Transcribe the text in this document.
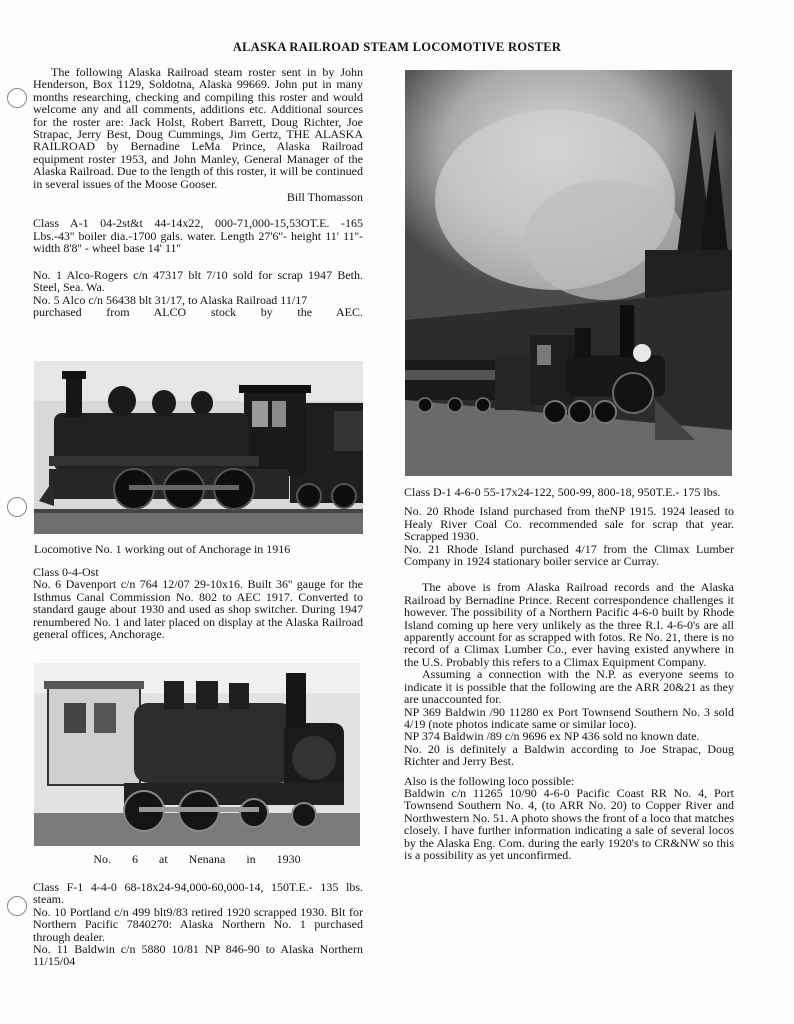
ALASKA RAILROAD STEAM LOCOMOTIVE ROSTER

The following Alaska Railroad steam roster sent in by John Henderson, Box 1129, Soldotna, Alaska 99669. John put in many months researching, checking and compiling this roster and would welcome any and all comments, additions etc. Additional sources for the roster are: Jack Holst, Robert Barrett, Doug Richter, Joe Strapac, Jerry Best, Doug Cummings, Jim Gertz, THE ALASKA RAILROAD by Bernadine LeMa Prince, Alaska Railroad equipment roster 1953, and John Manley, General Manager of the Alaska Railroad. Due to the length of this roster, it will be continued in several issues of the Moose Gooser.

Bill Thomasson

Class A-1 04-2st&t 44-14x22, 000-71,000-15,53OT.E. -165 Lbs.-43'' boiler dia.-1700 gals. water. Length 27'6''- height 11' 11''- width 8'8'' - wheel base 14' 11''

No. 1 Alco-Rogers c/n 47317 blt 7/10 sold for scrap 1947 Beth. Steel, Sea. Wa.

No. 5 Alco c/n 56438 blt 31/17, to Alaska Railroad 11/17

purchased from ALCO stock by the AEC.

Locomotive No. 1 working out of Anchorage in 1916

Class 0-4-Ost

No. 6 Davenport c/n 764 12/07 29-10x16. Built 36'' gauge for the Isthmus Canal Commission No. 802 to AEC 1917. Converted to standard gauge about 1930 and used as shop switcher. During 1947 renumbered No. 1 and later placed on display at the Alaska Railroad general offices, Anchorage.

No. 6 at Nenana in 1930

Class F-1 4-4-0 68-18x24-94,000-60,000-14, 150T.E.- 135 lbs. steam.

No. 10 Portland c/n 499 blt9/83 retired 1920 scrapped 1930. Blt for Northern Pacific 7840270: Alaska Northern No. 1 purchased through dealer.

No. 11 Baldwin c/n 5880 10/81 NP 846-90 to Alaska Northern 11/15/04

Class D-1 4-6-0 55-17x24-122, 500-99, 800-18, 950T.E.- 175 lbs.

No. 20 Rhode Island purchased from theNP 1915. 1924 leased to Healy River Coal Co. recommended sale for scrap that year. Scrapped 1930.

No. 21 Rhode Island purchased 4/17 from the Climax Lumber Company in 1924 stationary boiler service ar Curray.

The above is from Alaska Railroad records and the Alaska Railroad by Bernadine Prince. Recent correspondence challenges it however. The possibility of a Northern Pacific 4-6-0 built by Rhode Island coming up here very unlikely as the three R.I. 4-6-0's are all apparently account for as scrapped with fotos. Re No. 21, there is no record of a Climax Lumber Co., ever having existed anywhere in the U.S. Probably this refers to a Climax Equipment Company.

Assuming a connection with the N.P. as everyone seems to indicate it is possible that the following are the ARR 20&21 as they are unaccounted for.

NP 369 Baldwin /90 11280 ex Port Townsend Southern No. 3 sold 4/19 (note photos indicate same or similar loco).

NP 374 Baldwin /89 c/n 9696 ex NP 436 sold no known date.

No. 20 is definitely a Baldwin according to Joe Strapac, Doug Richter and Jerry Best.

Also is the following loco possible:

Baldwin c/n 11265 10/90 4-6-0 Pacific Coast RR No. 4, Port Townsend Southern No. 4, (to ARR No. 20) to Copper River and Northwestern No. 51. A photo shows the front of a loco that matches closely. I have further information indicating a sale of several locos by the Alaska Eng. Com. during the early 1920's to CR&NW so this is a possibility as yet unconfirmed.
